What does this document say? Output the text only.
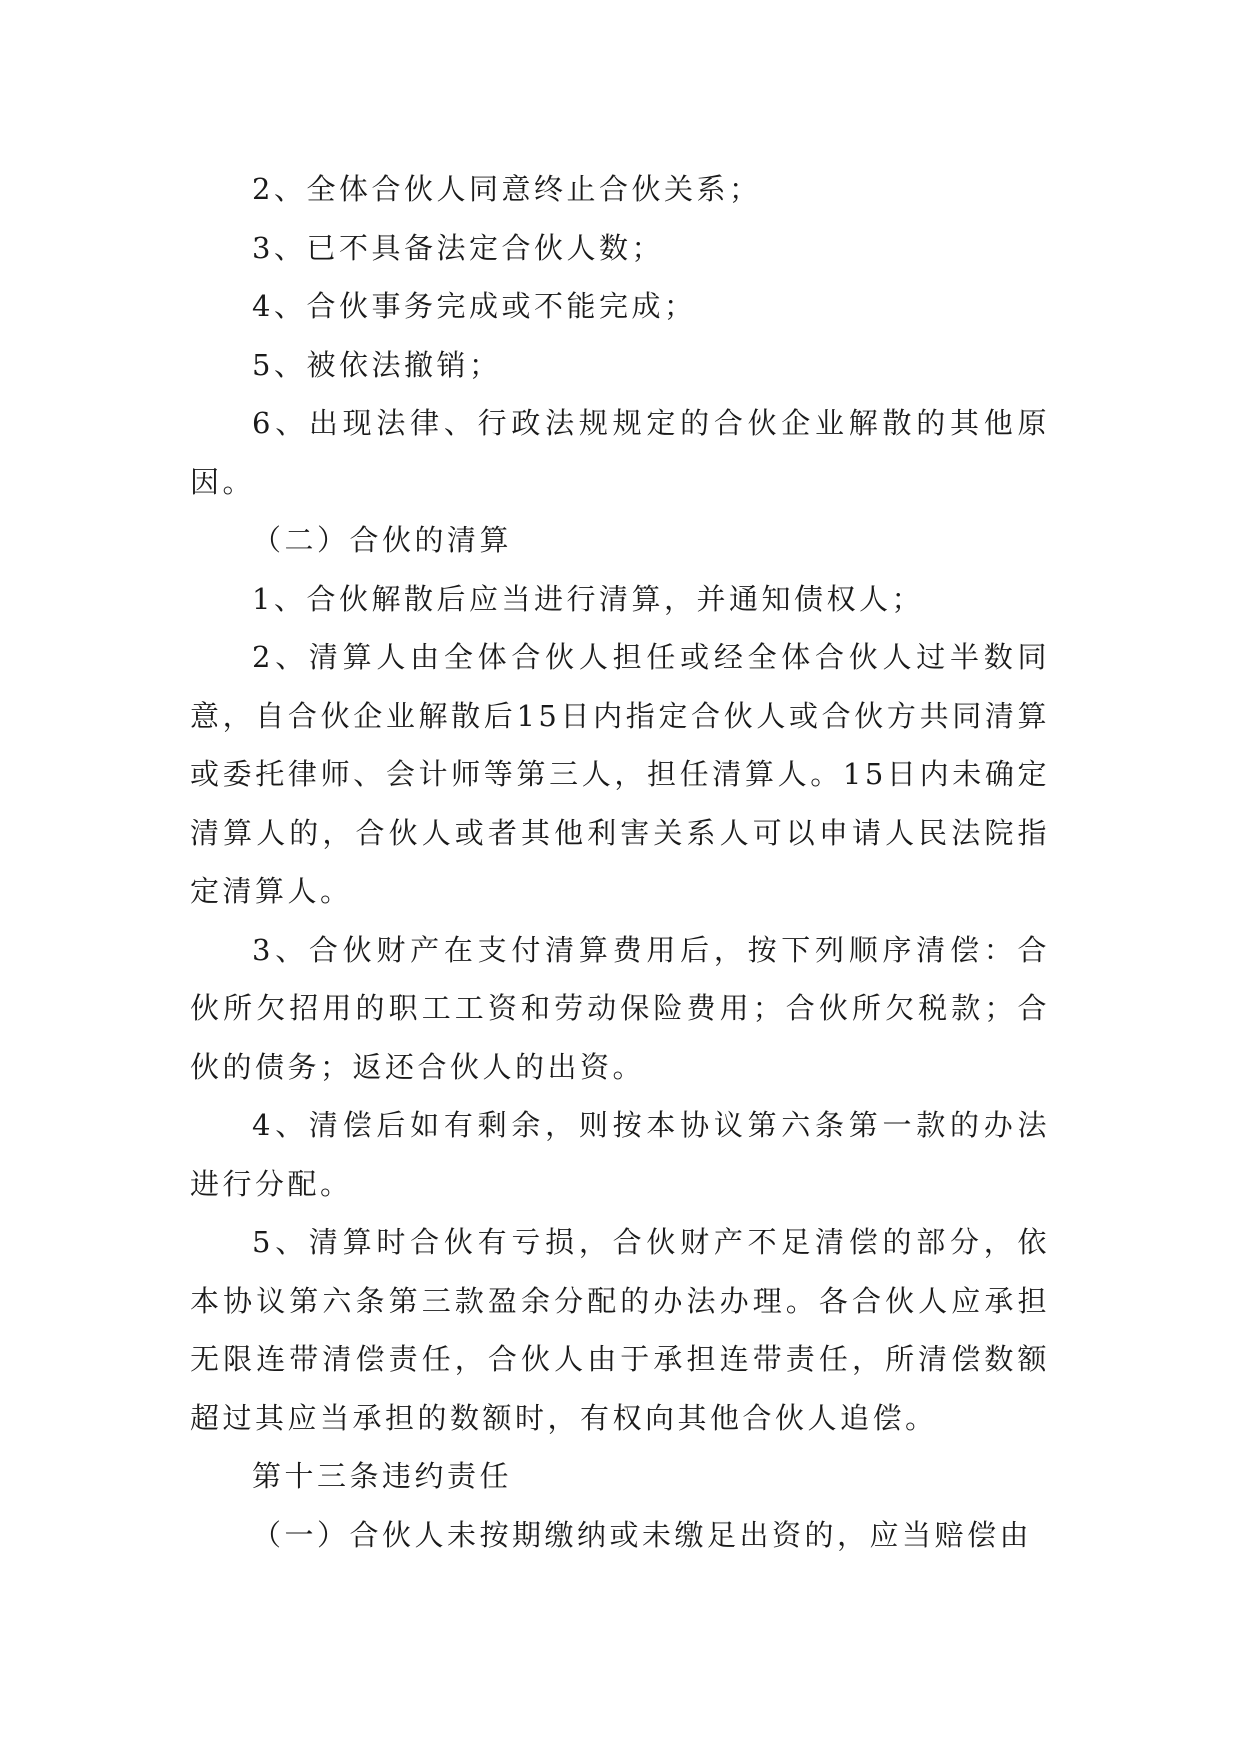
2、全体合伙人同意终止合伙关系；

3、已不具备法定合伙人数；

4、合伙事务完成或不能完成；

5、被依法撤销；

6、出现法律、行政法规规定的合伙企业解散的其他原因。

（二）合伙的清算

1、合伙解散后应当进行清算，并通知债权人；

2、清算人由全体合伙人担任或经全体合伙人过半数同意，自合伙企业解散后15日内指定合伙人或合伙方共同清算或委托律师、会计师等第三人，担任清算人。15日内未确定清算人的，合伙人或者其他利害关系人可以申请人民法院指定清算人。

3、合伙财产在支付清算费用后，按下列顺序清偿：合伙所欠招用的职工工资和劳动保险费用；合伙所欠税款；合伙的债务；返还合伙人的出资。

4、清偿后如有剩余，则按本协议第六条第一款的办法进行分配。

5、清算时合伙有亏损，合伙财产不足清偿的部分，依本协议第六条第三款盈余分配的办法办理。各合伙人应承担无限连带清偿责任，合伙人由于承担连带责任，所清偿数额超过其应当承担的数额时，有权向其他合伙人追偿。

第十三条违约责任

（一）合伙人未按期缴纳或未缴足出资的，应当赔偿由
